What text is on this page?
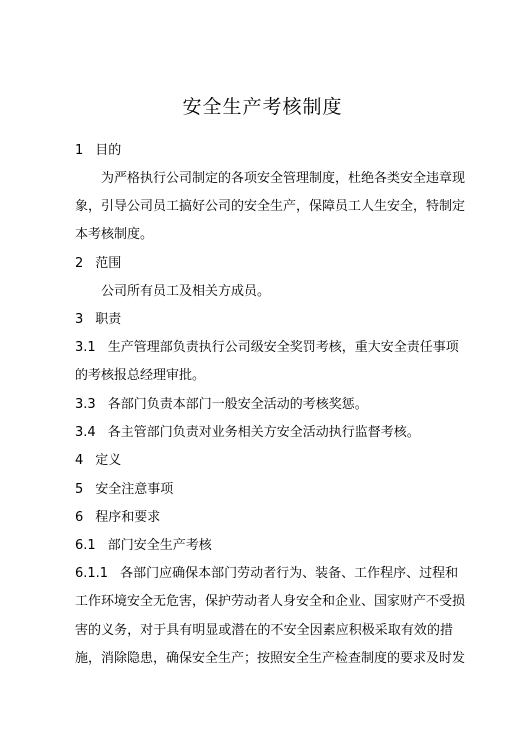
安全生产考核制度
1 目的
为严格执行公司制定的各项安全管理制度，杜绝各类安全违章现
象，引导公司员工搞好公司的安全生产，保障员工人生安全，特制定
本考核制度。
2 范围
公司所有员工及相关方成员。
3 职责
3.1 生产管理部负责执行公司级安全奖罚考核，重大安全责任事项
的考核报总经理审批。
3.3 各部门负责本部门一般安全活动的考核奖惩。
3.4 各主管部门负责对业务相关方安全活动执行监督考核。
4 定义
5 安全注意事项
6 程序和要求
6.1 部门安全生产考核
6.1.1 各部门应确保本部门劳动者行为、装备、工作程序、过程和
工作环境安全无危害，保护劳动者人身安全和企业、国家财产不受损
害的义务，对于具有明显或潜在的不安全因素应积极采取有效的措
施，消除隐患，确保安全生产；按照安全生产检查制度的要求及时发
